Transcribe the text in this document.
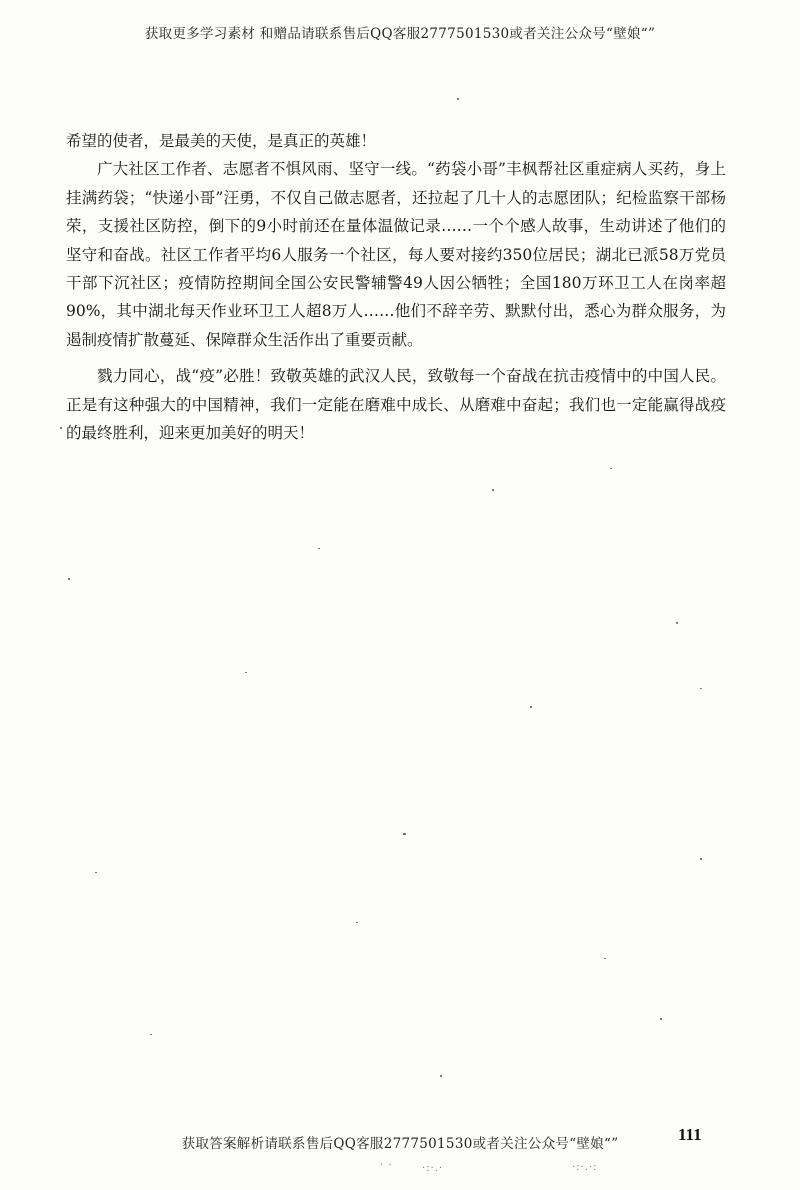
获取更多学习素材 和赠品请联系售后QQ客服2777501530或者关注公众号“壁娘“”

希望的使者，是最美的天使，是真正的英雄！

广大社区工作者、志愿者不惧风雨、坚守一线。“药袋小哥”丰枫帮社区重症病人买药，身上挂满药袋；“快递小哥”汪勇，不仅自己做志愿者，还拉起了几十人的志愿团队；纪检监察干部杨荣，支援社区防控，倒下的9小时前还在量体温做记录……一个个感人故事，生动讲述了他们的坚守和奋战。社区工作者平均6人服务一个社区，每人要对接约350位居民；湖北已派58万党员干部下沉社区；疫情防控期间全国公安民警辅警49人因公牺牲；全国180万环卫工人在岗率超90%，其中湖北每天作业环卫工人超8万人……他们不辞辛劳、默默付出，悉心为群众服务，为遏制疫情扩散蔓延、保障群众生活作出了重要贡献。

戮力同心，战“疫”必胜！致敬英雄的武汉人民，致敬每一个奋战在抗击疫情中的中国人民。正是有这种强大的中国精神，我们一定能在磨难中成长、从磨难中奋起；我们也一定能赢得战疫的最终胜利，迎来更加美好的明天！

获取答案解析请联系售后QQ客服2777501530或者关注公众号“壁娘“”	111
· ·	·:·.·	·:·.·:
